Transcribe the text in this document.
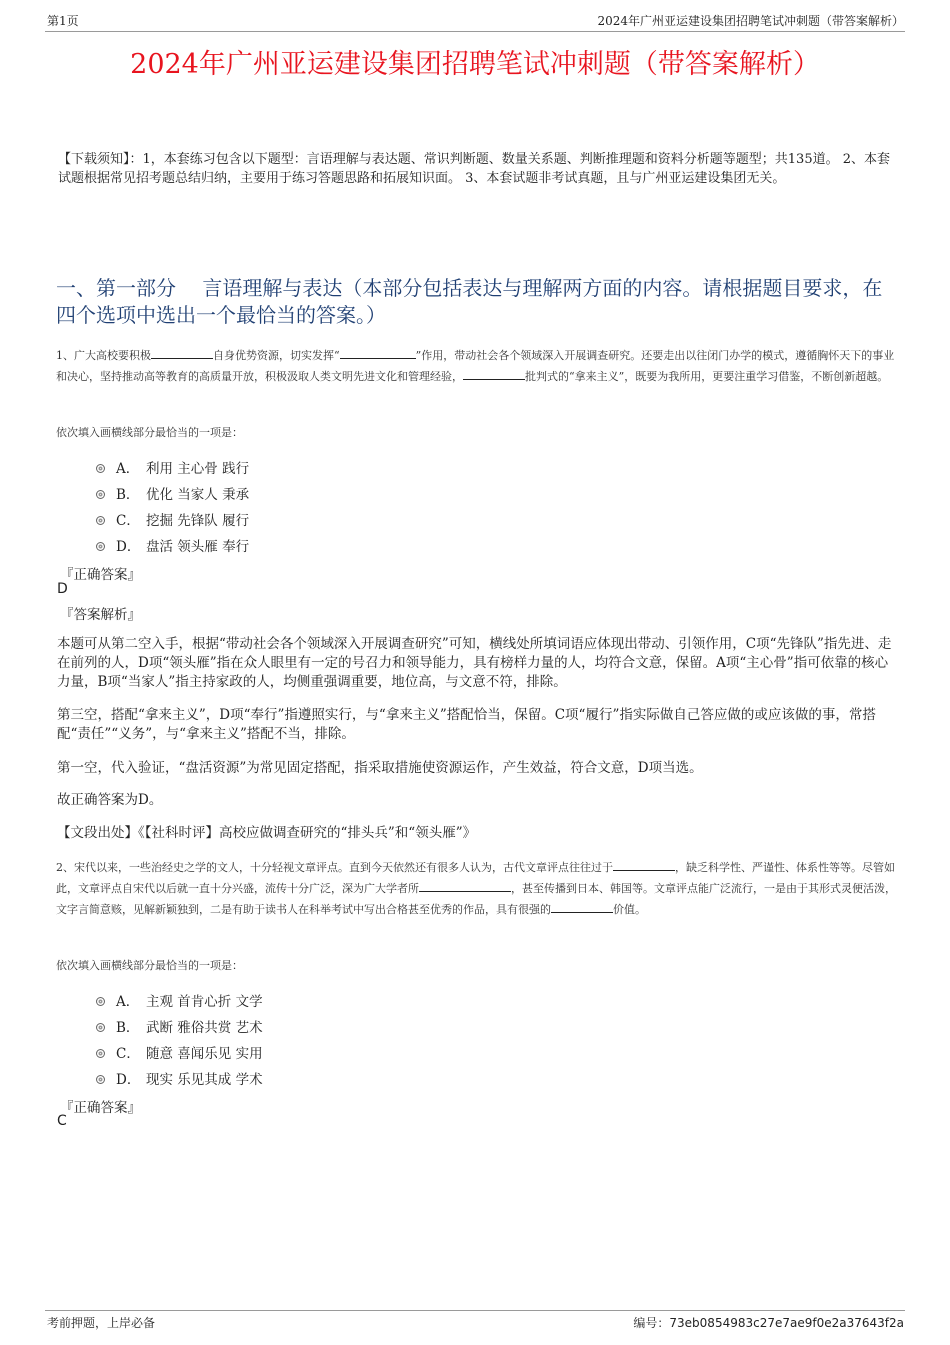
第1页	2024年广州亚运建设集团招聘笔试冲刺题（带答案解析）
2024年广州亚运建设集团招聘笔试冲刺题（带答案解析）
【下载须知】：1，本套练习包含以下题型：言语理解与表达题、常识判断题、数量关系题、判断推理题和资料分析题等题型；共135道。 2、本套试题根据常见招考题总结归纳，主要用于练习答题思路和拓展知识面。 3、本套试题非考试真题，且与广州亚运建设集团无关。
一、第一部分　 言语理解与表达（本部分包括表达与理解两方面的内容。请根据题目要求，在四个选项中选出一个最恰当的答案。）
1、广大高校要积极	自身优势资源，切实发挥“	”作用，带动社会各个领域深入开展调查研究。还要走出以往闭门办学的模式，遵循胸怀天下的事业和决心，坚持推动高等教育的高质量开放，积极汲取人类文明先进文化和管理经验，	批判式的“拿来主义”，既要为我所用，更要注重学习借鉴，不断创新超越。
依次填入画横线部分最恰当的一项是：
A． 利用 主心骨 践行
B． 优化 当家人 秉承
C． 挖掘 先锋队 履行
D． 盘活 领头雁 奉行
『正确答案』
D
『答案解析』
本题可从第二空入手，根据“带动社会各个领域深入开展调查研究”可知，横线处所填词语应体现出带动、引领作用，C项“先锋队”指先进、走在前列的人，D项“领头雁”指在众人眼里有一定的号召力和领导能力，具有榜样力量的人，均符合文意，保留。A项“主心骨”指可依靠的核心力量，B项“当家人”指主持家政的人，均侧重强调重要，地位高，与文意不符，排除。
第三空，搭配“拿来主义”，D项“奉行”指遵照实行，与“拿来主义”搭配恰当，保留。C项“履行”指实际做自己答应做的或应该做的事，常搭配“责任”“义务”，与“拿来主义”搭配不当，排除。
第一空，代入验证，“盘活资源”为常见固定搭配，指采取措施使资源运作，产生效益，符合文意，D项当选。
故正确答案为D。
【文段出处】《【社科时评】高校应做调查研究的“排头兵”和“领头雁”》
2、宋代以来，一些治经史之学的文人，十分轻视文章评点。直到今天依然还有很多人认为，古代文章评点往往过于	，缺乏科学性、严谨性、体系性等等。尽管如此，文章评点自宋代以后就一直十分兴盛，流传十分广泛，深为广大学者所	，甚至传播到日本、韩国等。文章评点能广泛流行，一是由于其形式灵便活泼，文字言简意赅，见解新颖独到，二是有助于读书人在科举考试中写出合格甚至优秀的作品，具有很强的	价值。
依次填入画横线部分最恰当的一项是：
A． 主观 首肯心折 文学
B． 武断 雅俗共赏 艺术
C． 随意 喜闻乐见 实用
D． 现实 乐见其成 学术
『正确答案』
C
考前押题，上岸必备	编号：73eb0854983c27e7ae9f0e2a37643f2a
